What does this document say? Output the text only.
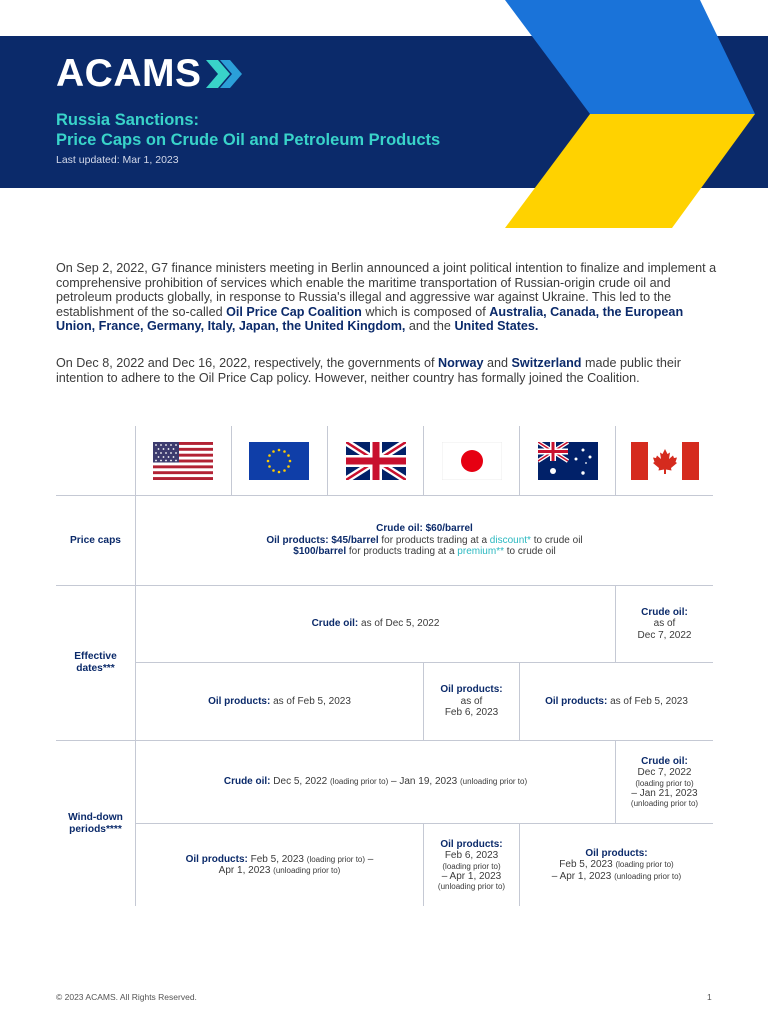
ACAMS
Russia Sanctions:
Price Caps on Crude Oil and Petroleum Products
Last updated: Mar 1, 2023
On Sep 2, 2022, G7 finance ministers meeting in Berlin announced a joint political intention to finalize and implement a comprehensive prohibition of services which enable the maritime transportation of Russian-origin crude oil and petroleum products globally, in response to Russia's illegal and aggressive war against Ukraine. This led to the establishment of the so-called Oil Price Cap Coalition which is composed of Australia, Canada, the European Union, France, Germany, Italy, Japan, the United Kingdom, and the United States.
On Dec 8, 2022 and Dec 16, 2022, respectively, the governments of Norway and Switzerland made public their intention to adhere to the Oil Price Cap policy. However, neither country has formally joined the Coalition.
Price caps
Effective dates***
Wind-down periods****
Crude oil: $60/barrel
Oil products: $45/barrel for products trading at a discount* to crude oil
$100/barrel for products trading at a premium** to crude oil
Crude oil: as of Dec 5, 2022
Crude oil:
as of
Dec 7, 2022
Oil products: as of Feb 5, 2023
Oil products:
as of
Feb 6, 2023
Oil products: as of Feb 5, 2023
Crude oil: Dec 5, 2022 (loading prior to) – Jan 19, 2023 (unloading prior to)
Crude oil:
Dec 7, 2022
(loading prior to)
– Jan 21, 2023
(unloading prior to)
Oil products: Feb 5, 2023 (loading prior to) –
Apr 1, 2023 (unloading prior to)
Oil products:
Feb 6, 2023
(loading prior to)
– Apr 1, 2023
(unloading prior to)
Oil products:
Feb 5, 2023 (loading prior to)
– Apr 1, 2023 (unloading prior to)
© 2023 ACAMS. All Rights Reserved.	1
